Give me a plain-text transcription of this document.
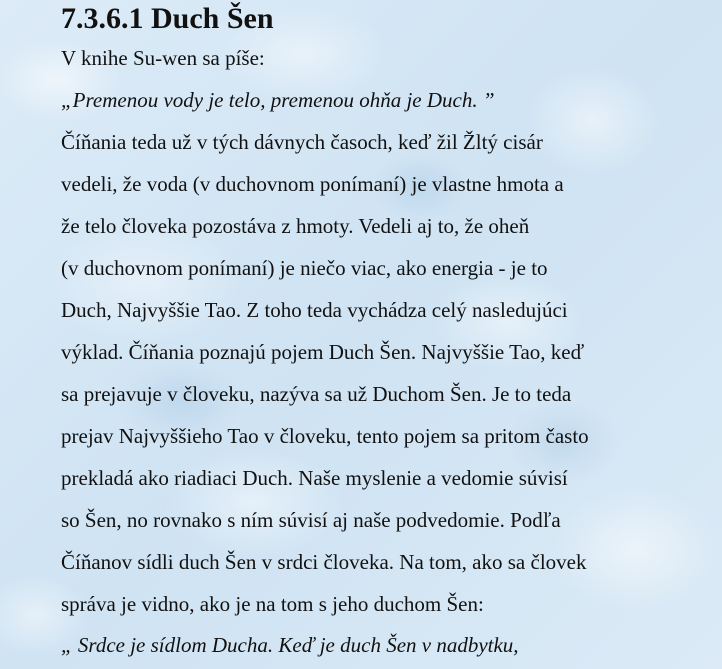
7.3.6.1 Duch Šen

V knihe Su-wen sa píše:

„Premenou vody je telo, premenou ohňa je Duch. ”

Číňania teda už v tých dávnych časoch, keď žil Žltý cisár
vedeli, že voda (v duchovnom ponímaní) je vlastne hmota a
že telo človeka pozostáva z hmoty. Vedeli aj to, že oheň
(v duchovnom ponímaní) je niečo viac, ako energia - je to
Duch, Najvyššie Tao. Z toho teda vychádza celý nasledujúci
výklad. Číňania poznajú pojem Duch Šen. Najvyššie Tao, keď
sa prejavuje v človeku, nazýva sa už Duchom Šen. Je to teda
prejav Najvyššieho Tao v človeku, tento pojem sa pritom často
prekladá ako riadiaci Duch. Naše myslenie a vedomie súvisí
so Šen, no rovnako s ním súvisí aj naše podvedomie. Podľa
Číňanov sídli duch Šen v srdci človeka. Na tom, ako sa človek
správa je vidno, ako je na tom s jeho duchom Šen:

„ Srdce je sídlom Ducha. Keď je duch Šen v nadbytku,
